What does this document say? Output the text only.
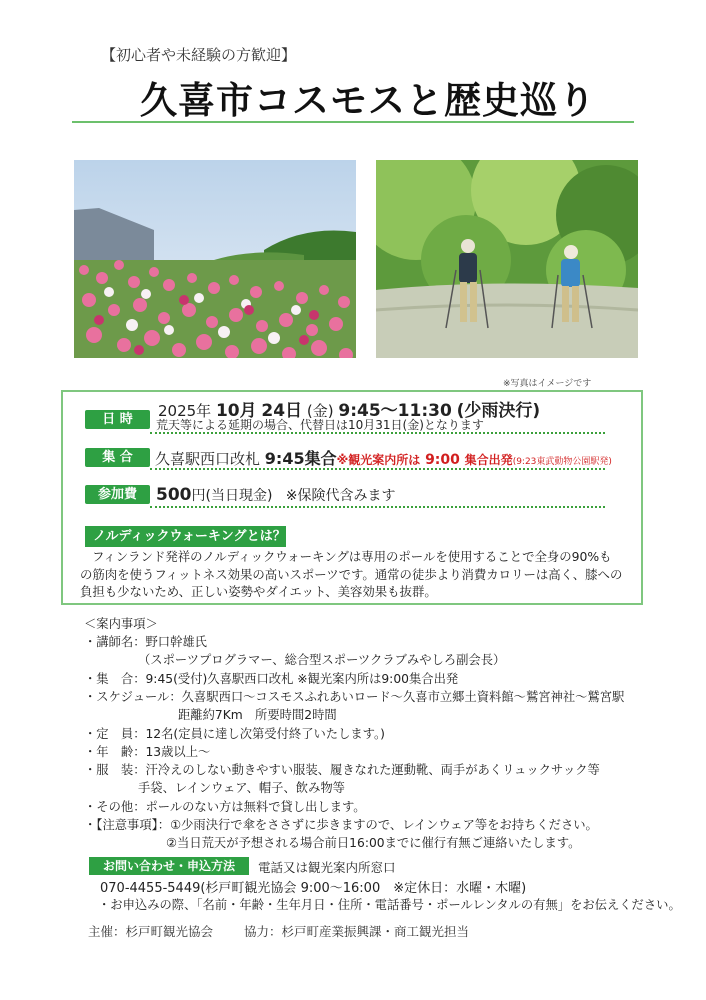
【初心者や未経験の方歓迎】
久喜市コスモスと歴史巡り
※写真はイメージです
日 時	2025年 10月 24日 (金) 9:45～11:30 (少雨決行)
荒天等による延期の場合、代替日は10月31日(金)となります
集 合	久喜駅西口改札 9:45集合※観光案内所は 9:00 集合出発(9:23東武動物公園駅発)
参加費	500円(当日現金) ※保険代含みます
ノルディックウォーキングとは？
フィンランド発祥のノルディックウォーキングは専用のポールを使用することで全身の90%も
の筋肉を使うフィットネス効果の高いスポーツです。通常の徒歩より消費カロリーは高く、膝への
負担も少ないため、正しい姿勢やダイエット、美容効果も抜群。
＜案内事項＞
・講師名：野口幹雄氏
（スポーツプログラマー、総合型スポーツクラブみやしろ副会長）
・集　合：9:45(受付)久喜駅西口改札 ※観光案内所は9:00集合出発
・スケジュール：久喜駅西口～コスモスふれあいロード～久喜市立郷土資料館～鷲宮神社～鷲宮駅
距離約7Km　所要時間2時間
・定　員：12名(定員に達し次第受付終了いたします。)
・年　齢：13歳以上～
・服　装：汗冷えのしない動きやすい服装、履きなれた運動靴、両手があくリュックサック等
手袋、レインウェア、帽子、飲み物等
・その他：ポールのない方は無料で貸し出します。
・【注意事項】：①少雨決行で傘をささずに歩きますので、レインウェア等をお持ちください。
②当日荒天が予想される場合前日16:00までに催行有無ご連絡いたします。
お問い合わせ・申込方法	電話又は観光案内所窓口
070-4455-5449(杉戸町観光協会 9:00～16:00　※定休日：水曜・木曜)
・お申込みの際、「名前・年齢・生年月日・住所・電話番号・ポールレンタルの有無」をお伝えください。
主催：杉戸町観光協会 協力：杉戸町産業振興課・商工観光担当
